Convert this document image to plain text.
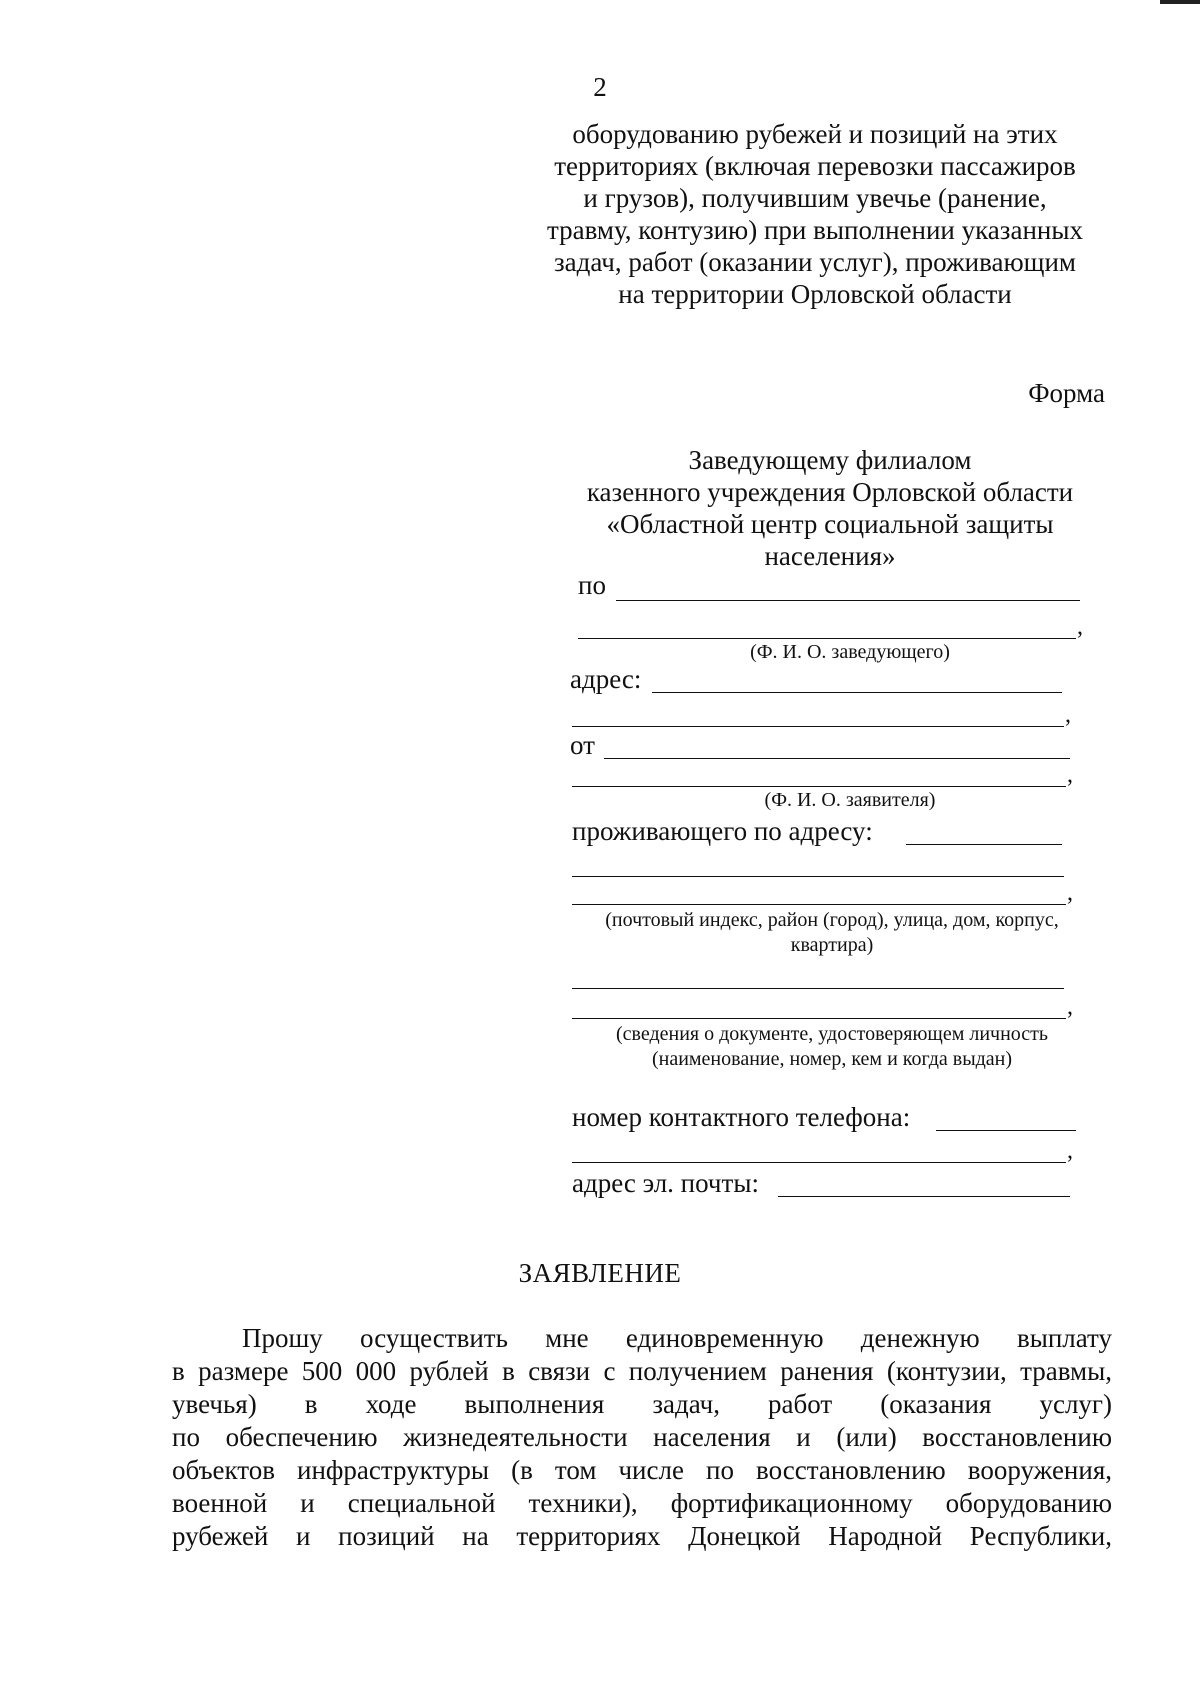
2
оборудованию рубежей и позиций на этих
территориях (включая перевозки пассажиров
и грузов), получившим увечье (ранение,
травму, контузию) при выполнении указанных
задач, работ (оказании услуг), проживающим
на территории Орловской области
Форма
Заведующему филиалом
казенного учреждения Орловской области
«Областной центр социальной защиты
населения»
по
,
(Ф. И. О. заведующего)
адрес:
,
от
,
(Ф. И. О. заявителя)
проживающего по адресу:
,
(почтовый индекс, район (город), улица, дом, корпус,
квартира)
,
(сведения о документе, удостоверяющем личность
(наименование, номер, кем и когда выдан)
номер контактного телефона:
,
адрес эл. почты:
ЗАЯВЛЕНИЕ
Прошу осуществить мне единовременную денежную выплату
в размере 500 000 рублей в связи с получением ранения (контузии, травмы,
увечья) в ходе выполнения задач, работ (оказания услуг)
по обеспечению жизнедеятельности населения и (или) восстановлению
объектов инфраструктуры (в том числе по восстановлению вооружения,
военной и специальной техники), фортификационному оборудованию
рубежей и позиций на территориях Донецкой Народной Республики,
